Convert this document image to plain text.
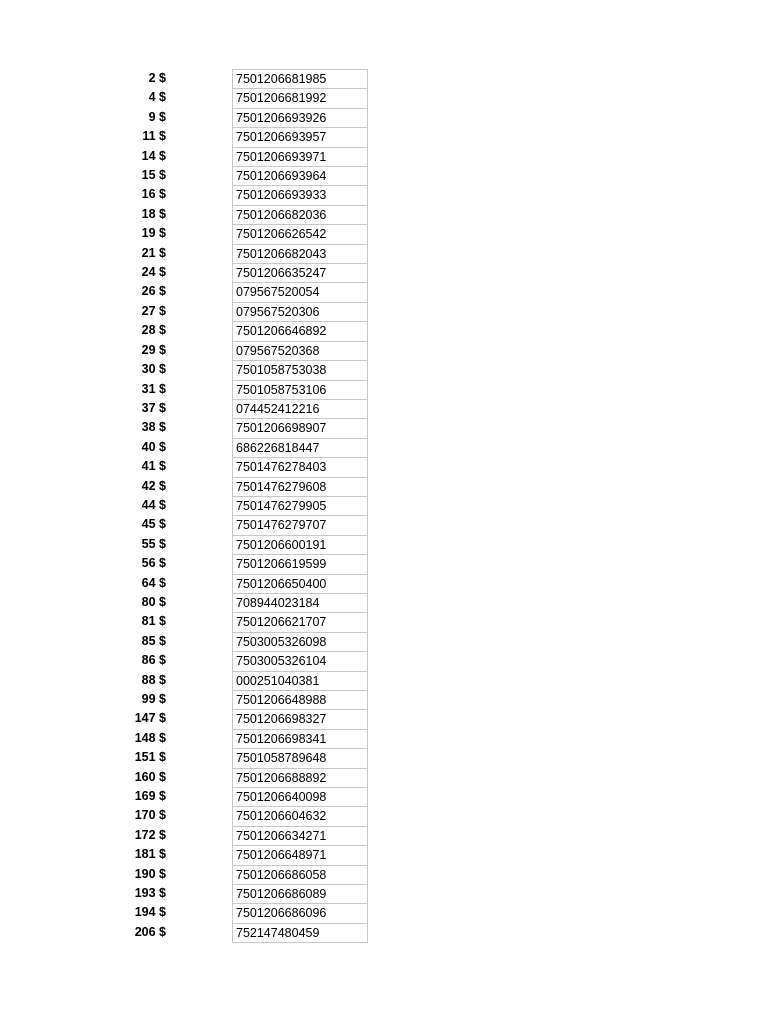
2 $	7501206681985
4 $	7501206681992
9 $	7501206693926
11 $	7501206693957
14 $	7501206693971
15 $	7501206693964
16 $	7501206693933
18 $	7501206682036
19 $	7501206626542
21 $	7501206682043
24 $	7501206635247
26 $	079567520054
27 $	079567520306
28 $	7501206646892
29 $	079567520368
30 $	7501058753038
31 $	7501058753106
37 $	074452412216
38 $	7501206698907
40 $	686226818447
41 $	7501476278403
42 $	7501476279608
44 $	7501476279905
45 $	7501476279707
55 $	7501206600191
56 $	7501206619599
64 $	7501206650400
80 $	708944023184
81 $	7501206621707
85 $	7503005326098
86 $	7503005326104
88 $	000251040381
99 $	7501206648988
147 $	7501206698327
148 $	7501206698341
151 $	7501058789648
160 $	7501206688892
169 $	7501206640098
170 $	7501206604632
172 $	7501206634271
181 $	7501206648971
190 $	7501206686058
193 $	7501206686089
194 $	7501206686096
206 $	752147480459
